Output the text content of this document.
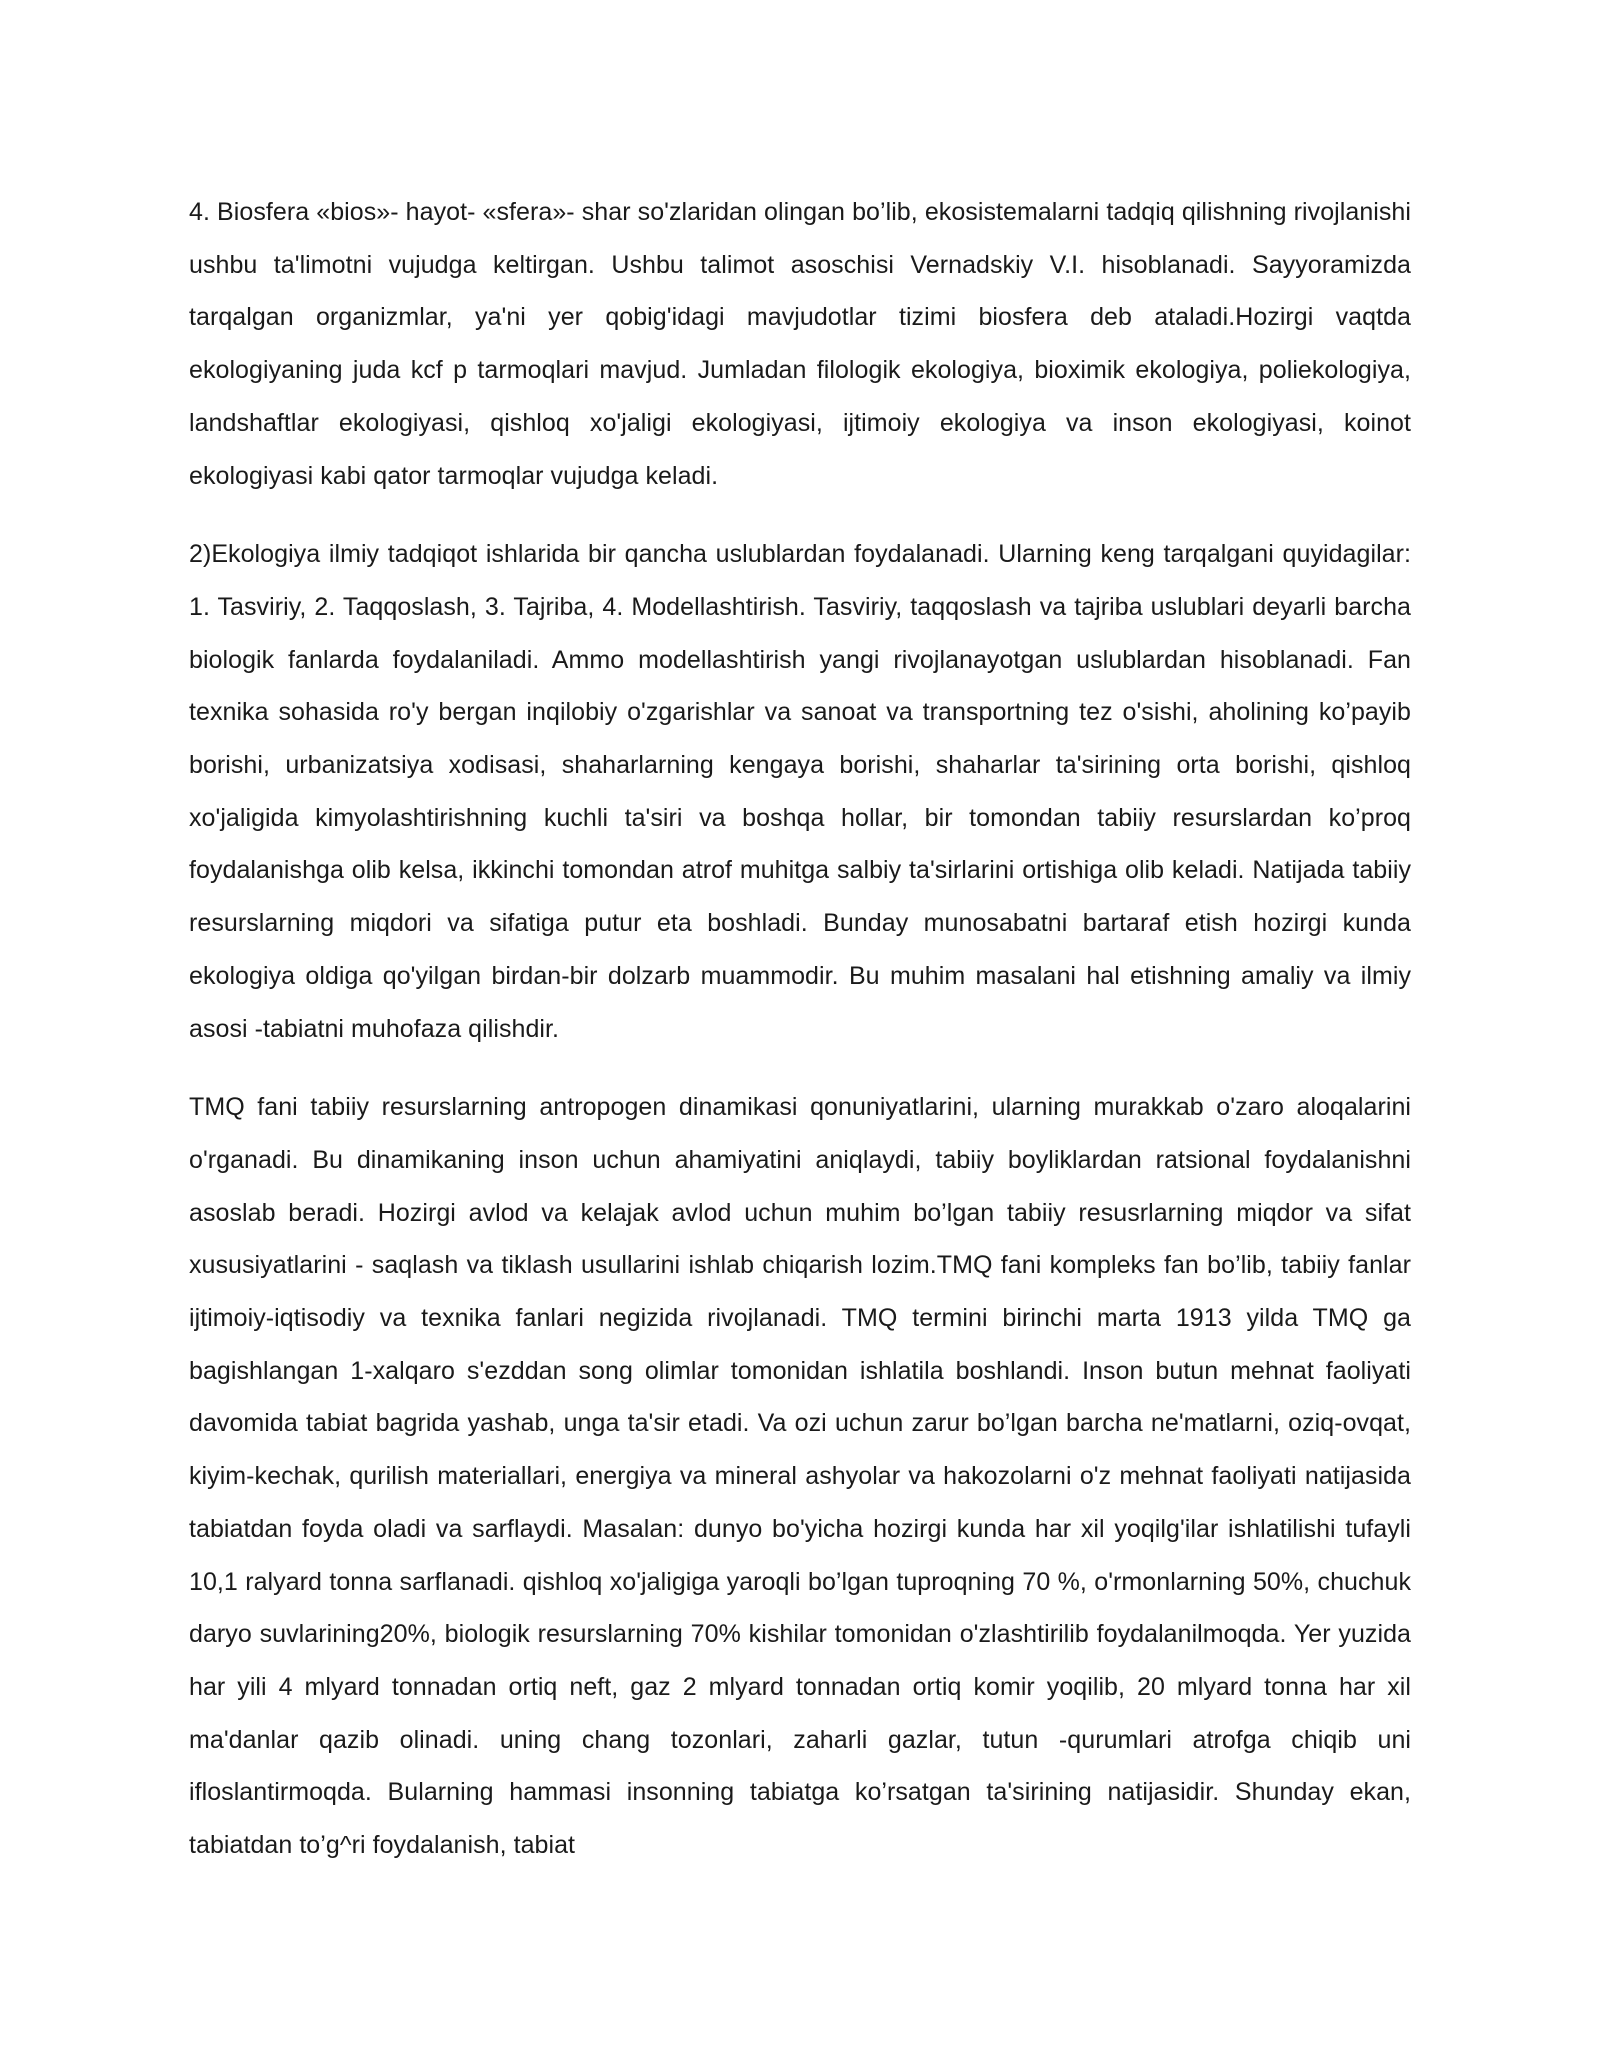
4. Biosfera «bios»- hayot- «sfera»- shar so'zlaridan olingan bo’lib, ekosistemalarni tadqiq qilishning rivojlanishi ushbu ta'limotni vujudga keltirgan. Ushbu talimot asoschisi Vernadskiy V.I. hisoblanadi. Sayyoramizda tarqalgan organizmlar, ya'ni yer qobig'idagi mavjudotlar tizimi biosfera deb ataladi.Hozirgi vaqtda ekologiyaning juda kcf p tarmoqlari mavjud. Jumladan filologik ekologiya, bioximik ekologiya, poliekologiya, landshaftlar ekologiyasi, qishloq xo'jaligi ekologiyasi, ijtimoiy ekologiya va inson ekologiyasi, koinot ekologiyasi kabi qator tarmoqlar vujudga keladi.

2)Ekologiya ilmiy tadqiqot ishlarida bir qancha uslublardan foydalanadi. Ularning keng tarqalgani quyidagilar: 1. Tasviriy, 2. Taqqoslash, 3. Tajriba, 4. Modellashtirish. Tasviriy, taqqoslash va tajriba uslublari deyarli barcha biologik fanlarda foydalaniladi. Ammo modellashtirish yangi rivojlanayotgan uslublardan hisoblanadi. Fan texnika sohasida ro'y bergan inqilobiy o'zgarishlar va sanoat va transportning tez o'sishi, aholining ko’payib borishi, urbanizatsiya xodisasi, shaharlarning kengaya borishi, shaharlar ta'sirining orta borishi, qishloq xo'jaligida kimyolashtirishning kuchli ta'siri va boshqa hollar, bir tomondan tabiiy resurslardan ko’proq foydalanishga olib kelsa, ikkinchi tomondan atrof muhitga salbiy ta'sirlarini ortishiga olib keladi. Natijada tabiiy resurslarning miqdori va sifatiga putur eta boshladi. Bunday munosabatni bartaraf etish hozirgi kunda ekologiya oldiga qo'yilgan birdan-bir dolzarb muammodir. Bu muhim masalani hal etishning amaliy va ilmiy asosi -tabiatni muhofaza qilishdir.

TMQ fani tabiiy resurslarning antropogen dinamikasi qonuniyatlarini, ularning murakkab o'zaro aloqalarini o'rganadi. Bu dinamikaning inson uchun ahamiyatini aniqlaydi, tabiiy boyliklardan ratsional foydalanishni asoslab beradi. Hozirgi avlod va kelajak avlod uchun muhim bo’lgan tabiiy resusrlarning miqdor va sifat xususiyatlarini - saqlash va tiklash usullarini ishlab chiqarish lozim.TMQ fani kompleks fan bo’lib, tabiiy fanlar ijtimoiy-iqtisodiy va texnika fanlari negizida rivojlanadi. TMQ termini birinchi marta 1913 yilda TMQ ga bagishlangan 1-xalqaro s'ezddan song olimlar tomonidan ishlatila boshlandi. Inson butun mehnat faoliyati davomida tabiat bagrida yashab, unga ta'sir etadi. Va ozi uchun zarur bo’lgan barcha ne'matlarni, oziq-ovqat, kiyim-kechak, qurilish materiallari, energiya va mineral ashyolar va hakozolarni o'z mehnat faoliyati natijasida tabiatdan foyda oladi va sarflaydi. Masalan: dunyo bo'yicha hozirgi kunda har xil yoqilg'ilar ishlatilishi tufayli 10,1 ralyard tonna sarflanadi. qishloq xo'jaligiga yaroqli bo’lgan tuproqning 70 %, o'rmonlarning 50%, chuchuk daryo suvlarining20%, biologik resurslarning 70% kishilar tomonidan o'zlashtirilib foydalanilmoqda. Yer yuzida har yili 4 mlyard tonnadan ortiq neft, gaz 2 mlyard tonnadan ortiq komir yoqilib, 20 mlyard tonna har xil ma'danlar qazib olinadi. uning chang tozonlari, zaharli gazlar, tutun -qurumlari atrofga chiqib uni ifloslantirmoqda. Bularning hammasi insonning tabiatga ko’rsatgan ta'sirining natijasidir. Shunday ekan, tabiatdan to’g^ri foydalanish, tabiat
